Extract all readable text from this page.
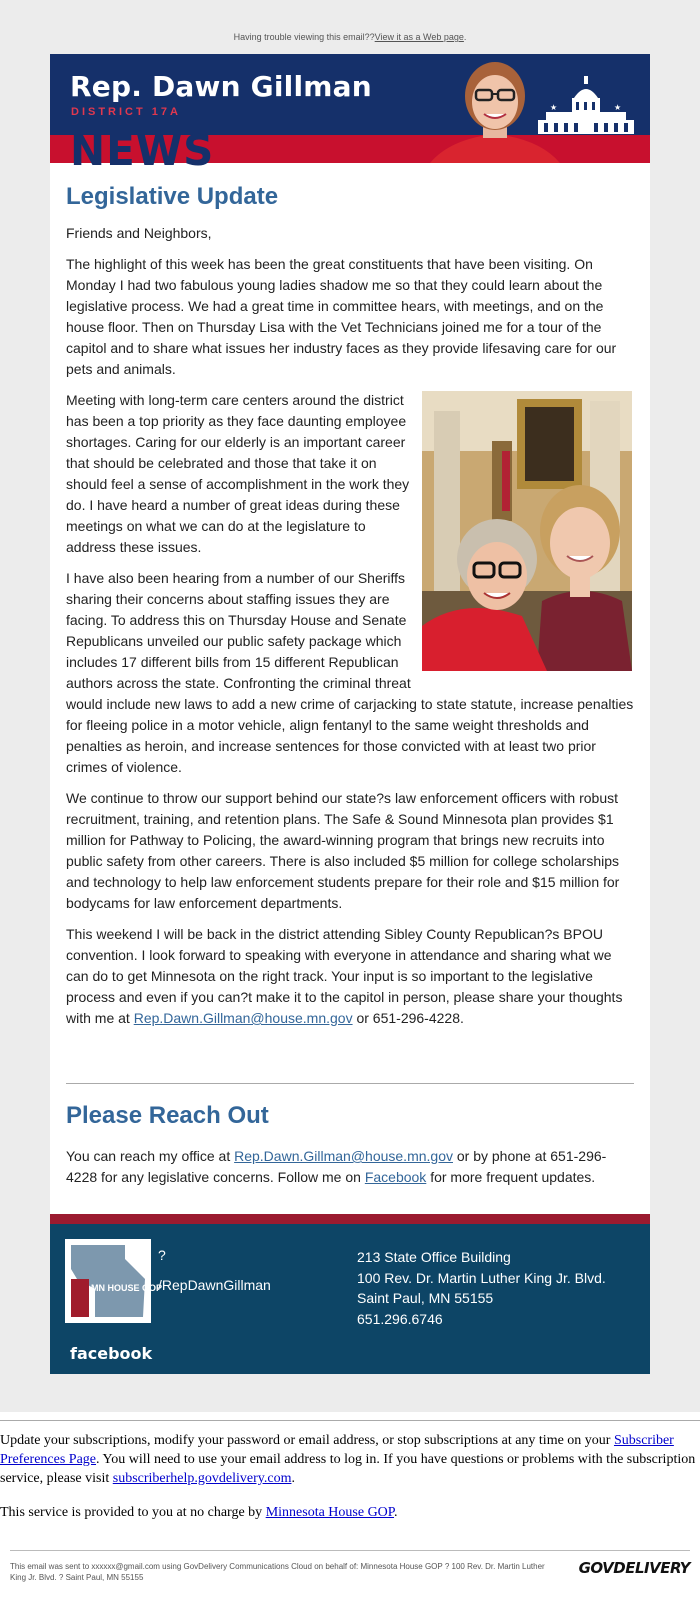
Having trouble viewing this email??View it as a Web page.
Rep. Dawn Gillman
DISTRICT 17A
NEWS
★	★
Legislative Update

Friends and Neighbors,

The highlight of this week has been the great constituents that have been visiting. On Monday I had two fabulous young ladies shadow me so that they could learn about the legislative process. We had a great time in committee hears, with meetings, and on the house floor. Then on Thursday Lisa with the Vet Technicians joined me for a tour of the capitol and to share what issues her industry faces as they provide lifesaving care for our pets and animals.

Meeting with long-term care centers around the district has been a top priority as they face daunting employee shortages. Caring for our elderly is an important career that should be celebrated and those that take it on should feel a sense of accomplishment in the work they do. I have heard a number of great ideas during these meetings on what we can do at the legislature to address these issues.

I have also been hearing from a number of our Sheriffs sharing their concerns about staffing issues they are facing. To address this on Thursday House and Senate Republicans unveiled our public safety package which includes 17 different bills from 15 different Republican authors across the state. Confronting the criminal threat would include new laws to add a new crime of carjacking to state statute, increase penalties for fleeing police in a motor vehicle, align fentanyl to the same weight thresholds and penalties as heroin, and increase sentences for those convicted with at least two prior crimes of violence.

We continue to throw our support behind our state?s law enforcement officers with robust recruitment, training, and retention plans. The Safe & Sound Minnesota plan provides $1 million for Pathway to Policing, the award-winning program that brings new recruits into public safety from other careers. There is also included $5 million for college scholarships and technology to help law enforcement students prepare for their role and $15 million for bodycams for law enforcement departments.

This weekend I will be back in the district attending Sibley County Republican?s BPOU convention. I look forward to speaking with everyone in attendance and sharing what we can do to get Minnesota on the right track. Your input is so important to the legislative process and even if you can?t make it to the capitol in person, please share your thoughts with me at Rep.Dawn.Gillman@house.mn.gov or 651-296-4228.

Please Reach Out

You can reach my office at Rep.Dawn.Gillman@house.mn.gov or by phone at 651-296-4228 for any legislative concerns. Follow me on Facebook for more frequent updates.

MN HOUSE GOP
facebook
?
/RepDawnGillman
213 State Office Building
100 Rev. Dr. Martin Luther King Jr. Blvd.
Saint Paul, MN 55155
651.296.6746

Update your subscriptions, modify your password or email address, or stop subscriptions at any time on your Subscriber Preferences Page. You will need to use your email address to log in. If you have questions or problems with the subscription service, please visit subscriberhelp.govdelivery.com.

This service is provided to you at no charge by Minnesota House GOP.

This email was sent to xxxxxx@gmail.com using GovDelivery Communications Cloud on behalf of: Minnesota House GOP ? 100 Rev. Dr. Martin Luther King Jr. Blvd. ? Saint Paul, MN 55155
GOVDELIVERY
